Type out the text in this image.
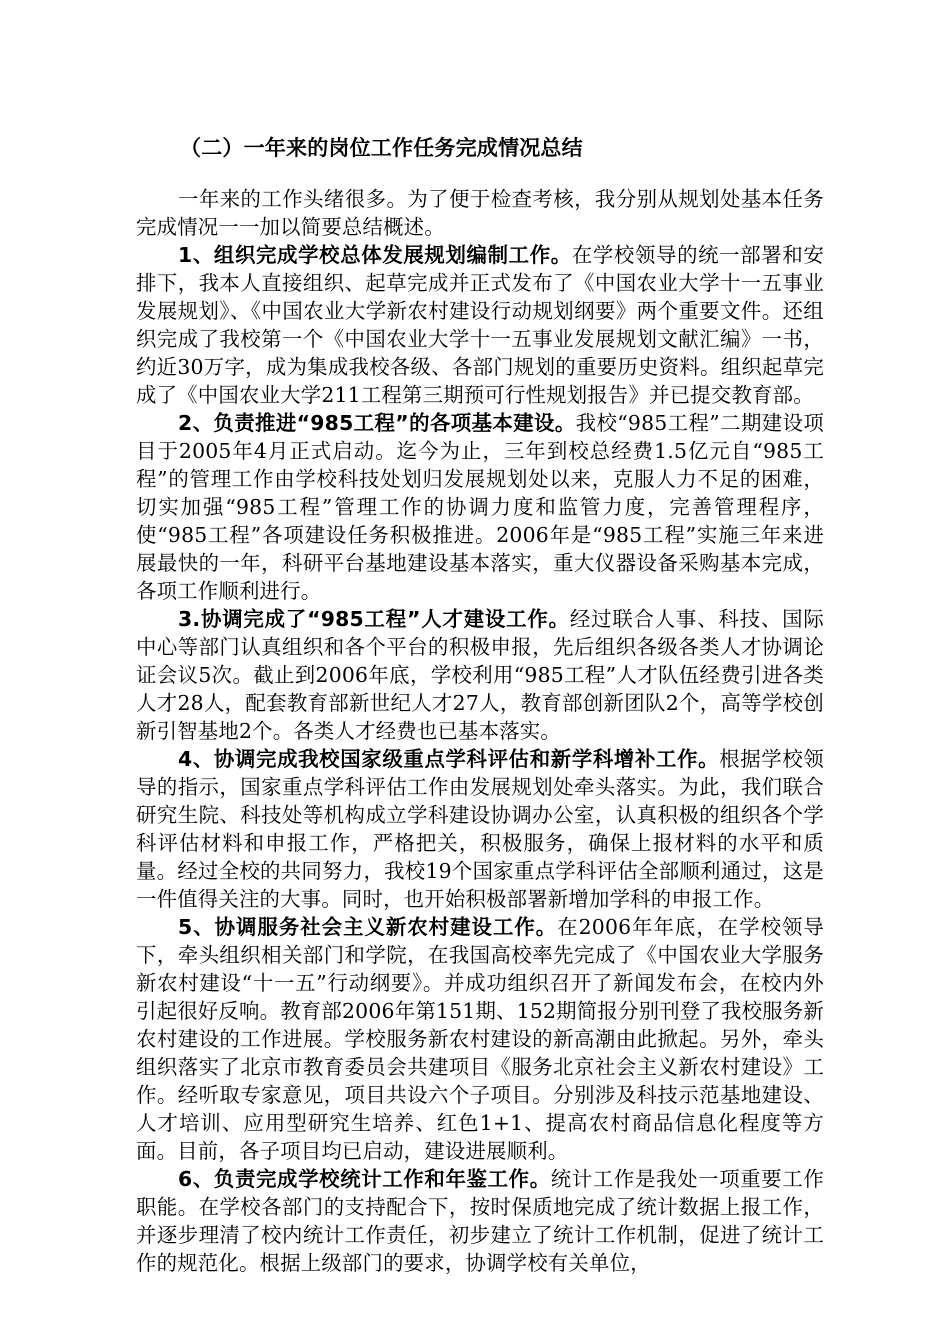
（二）一年来的岗位工作任务完成情况总结

一年来的工作头绪很多。为了便于检查考核，我分别从规划处基本任务完成情况一一加以简要总结概述。

1、组织完成学校总体发展规划编制工作。在学校领导的统一部署和安排下，我本人直接组织、起草完成并正式发布了《中国农业大学十一五事业发展规划》、《中国农业大学新农村建设行动规划纲要》两个重要文件。还组织完成了我校第一个《中国农业大学十一五事业发展规划文献汇编》一书，约近30万字，成为集成我校各级、各部门规划的重要历史资料。组织起草完成了《中国农业大学211工程第三期预可行性规划报告》并已提交教育部。

2、负责推进“985工程”的各项基本建设。我校“985工程”二期建设项目于2005年4月正式启动。迄今为止，三年到校总经费1.5亿元自“985工程”的管理工作由学校科技处划归发展规划处以来，克服人力不足的困难，切实加强“985工程”管理工作的协调力度和监管力度，完善管理程序，使“985工程”各项建设任务积极推进。2006年是“985工程”实施三年来进展最快的一年，科研平台基地建设基本落实，重大仪器设备采购基本完成，各项工作顺利进行。

3.协调完成了“985工程”人才建设工作。经过联合人事、科技、国际中心等部门认真组织和各个平台的积极申报，先后组织各级各类人才协调论证会议5次。截止到2006年底，学校利用“985工程”人才队伍经费引进各类人才28人，配套教育部新世纪人才27人，教育部创新团队2个，高等学校创新引智基地2个。各类人才经费也已基本落实。

4、协调完成我校国家级重点学科评估和新学科增补工作。根据学校领导的指示，国家重点学科评估工作由发展规划处牵头落实。为此，我们联合研究生院、科技处等机构成立学科建设协调办公室，认真积极的组织各个学科评估材料和申报工作，严格把关，积极服务，确保上报材料的水平和质量。经过全校的共同努力，我校19个国家重点学科评估全部顺利通过，这是一件值得关注的大事。同时，也开始积极部署新增加学科的申报工作。

5、协调服务社会主义新农村建设工作。在2006年年底，在学校领导下，牵头组织相关部门和学院，在我国高校率先完成了《中国农业大学服务新农村建设“十一五”行动纲要》。并成功组织召开了新闻发布会，在校内外引起很好反响。教育部2006年第151期、152期简报分别刊登了我校服务新农村建设的工作进展。学校服务新农村建设的新高潮由此掀起。另外，牵头组织落实了北京市教育委员会共建项目《服务北京社会主义新农村建设》工作。经听取专家意见，项目共设六个子项目。分别涉及科技示范基地建设、人才培训、应用型研究生培养、红色1+1、提高农村商品信息化程度等方面。目前，各子项目均已启动，建设进展顺利。

6、负责完成学校统计工作和年鉴工作。统计工作是我处一项重要工作职能。在学校各部门的支持配合下，按时保质地完成了统计数据上报工作，并逐步理清了校内统计工作责任，初步建立了统计工作机制，促进了统计工作的规范化。根据上级部门的要求，协调学校有关单位，
